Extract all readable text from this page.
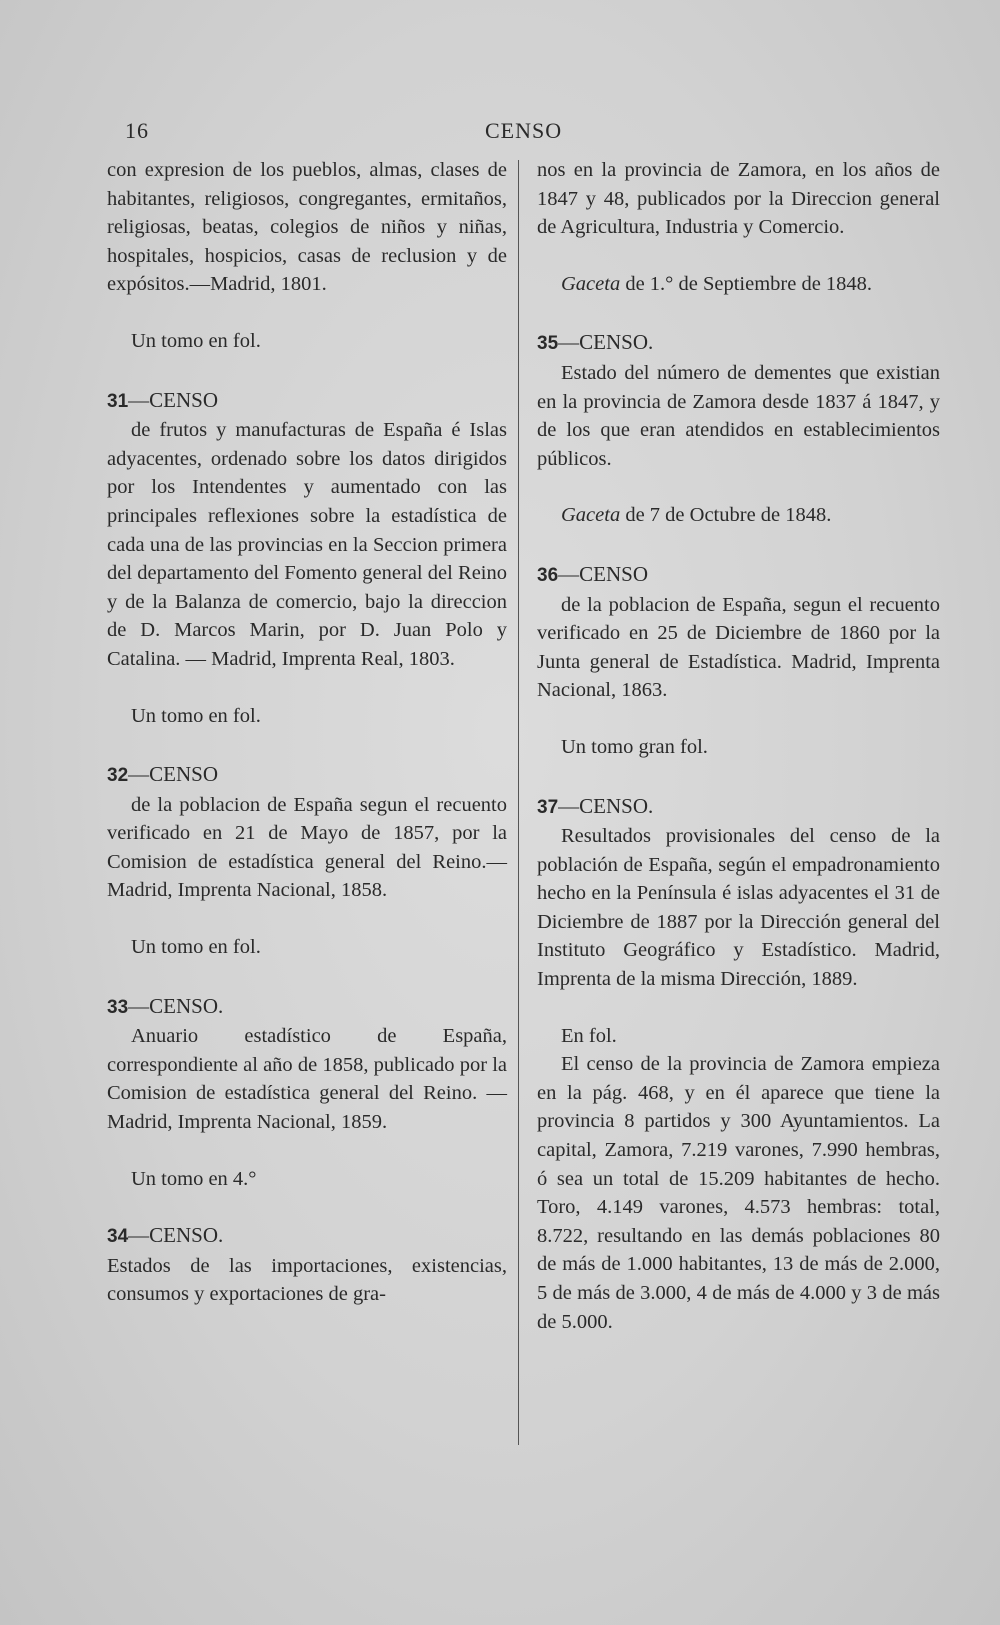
16	CENSO

con expresion de los pueblos, almas, clases de habitantes, religiosos, congregantes, ermitaños, religiosas, beatas, colegios de niños y niñas, hospitales, hospicios, casas de reclusion y de expósitos.—Madrid, 1801.

Un tomo en fol.

31—CENSO

de frutos y manufacturas de España é Islas adyacentes, ordenado sobre los datos dirigidos por los Intendentes y aumentado con las principales reflexiones sobre la estadística de cada una de las provincias en la Seccion primera del departamento del Fomento general del Reino y de la Balanza de comercio, bajo la direccion de D. Marcos Marin, por D. Juan Polo y Catalina. — Madrid, Imprenta Real, 1803.

Un tomo en fol.

32—CENSO

de la poblacion de España segun el recuento verificado en 21 de Mayo de 1857, por la Comision de estadística general del Reino.—Madrid, Imprenta Nacional, 1858.

Un tomo en fol.

33—CENSO.

Anuario estadístico de España, correspondiente al año de 1858, publicado por la Comision de estadística general del Reino. — Madrid, Imprenta Nacional, 1859.

Un tomo en 4.°

34—CENSO.

Estados de las importaciones, existencias, consumos y exportaciones de gra-

nos en la provincia de Zamora, en los años de 1847 y 48, publicados por la Direccion general de Agricultura, Industria y Comercio.

Gaceta de 1.° de Septiembre de 1848.

35—CENSO.

Estado del número de dementes que existian en la provincia de Zamora desde 1837 á 1847, y de los que eran atendidos en establecimientos públicos.

Gaceta de 7 de Octubre de 1848.

36—CENSO

de la poblacion de España, segun el recuento verificado en 25 de Diciembre de 1860 por la Junta general de Estadística. Madrid, Imprenta Nacional, 1863.

Un tomo gran fol.

37—CENSO.

Resultados provisionales del censo de la población de España, según el empadronamiento hecho en la Península é islas adyacentes el 31 de Diciembre de 1887 por la Dirección general del Instituto Geográfico y Estadístico. Madrid, Imprenta de la misma Dirección, 1889.

En fol.

El censo de la provincia de Zamora empieza en la pág. 468, y en él aparece que tiene la provincia 8 partidos y 300 Ayuntamientos. La capital, Zamora, 7.219 varones, 7.990 hembras, ó sea un total de 15.209 habitantes de hecho. Toro, 4.149 varones, 4.573 hembras: total, 8.722, resultando en las demás poblaciones 80 de más de 1.000 habitantes, 13 de más de 2.000, 5 de más de 3.000, 4 de más de 4.000 y 3 de más de 5.000.
